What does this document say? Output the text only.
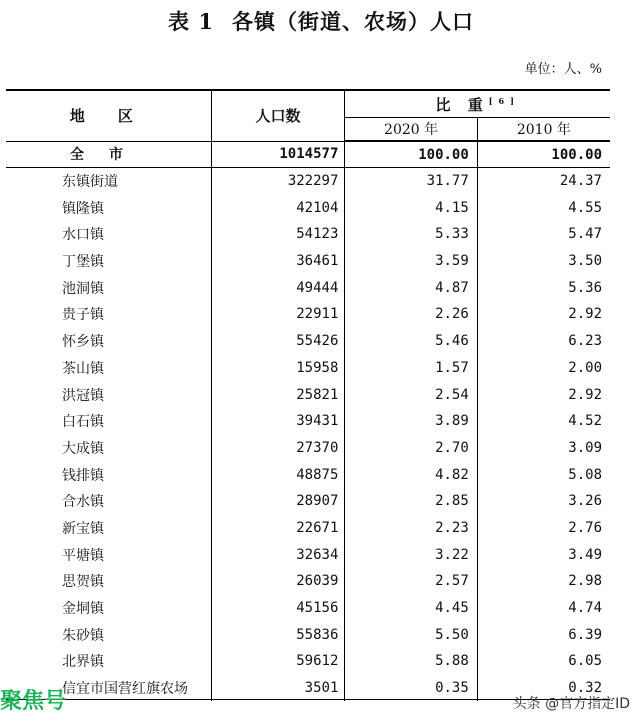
表 1 各镇（街道、农场）人口
单位：人、%
地 区	人口数	比 重[6]
		2020 年	2010 年
全 市	1014577	100.00	100.00
东镇街道	322297	31.77	24.37
镇隆镇	42104	4.15	4.55
水口镇	54123	5.33	5.47
丁堡镇	36461	3.59	3.50
池洞镇	49444	4.87	5.36
贵子镇	22911	2.26	2.92
怀乡镇	55426	5.46	6.23
茶山镇	15958	1.57	2.00
洪冠镇	25821	2.54	2.92
白石镇	39431	3.89	4.52
大成镇	27370	2.70	3.09
钱排镇	48875	4.82	5.08
合水镇	28907	2.85	3.26
新宝镇	22671	2.23	2.76
平塘镇	32634	3.22	3.49
思贺镇	26039	2.57	2.98
金垌镇	45156	4.45	4.74
朱砂镇	55836	5.50	6.39
北界镇	59612	5.88	6.05
信宜市国营红旗农场	3501	0.35	0.32
聚焦号	头条 @官方指定ID
